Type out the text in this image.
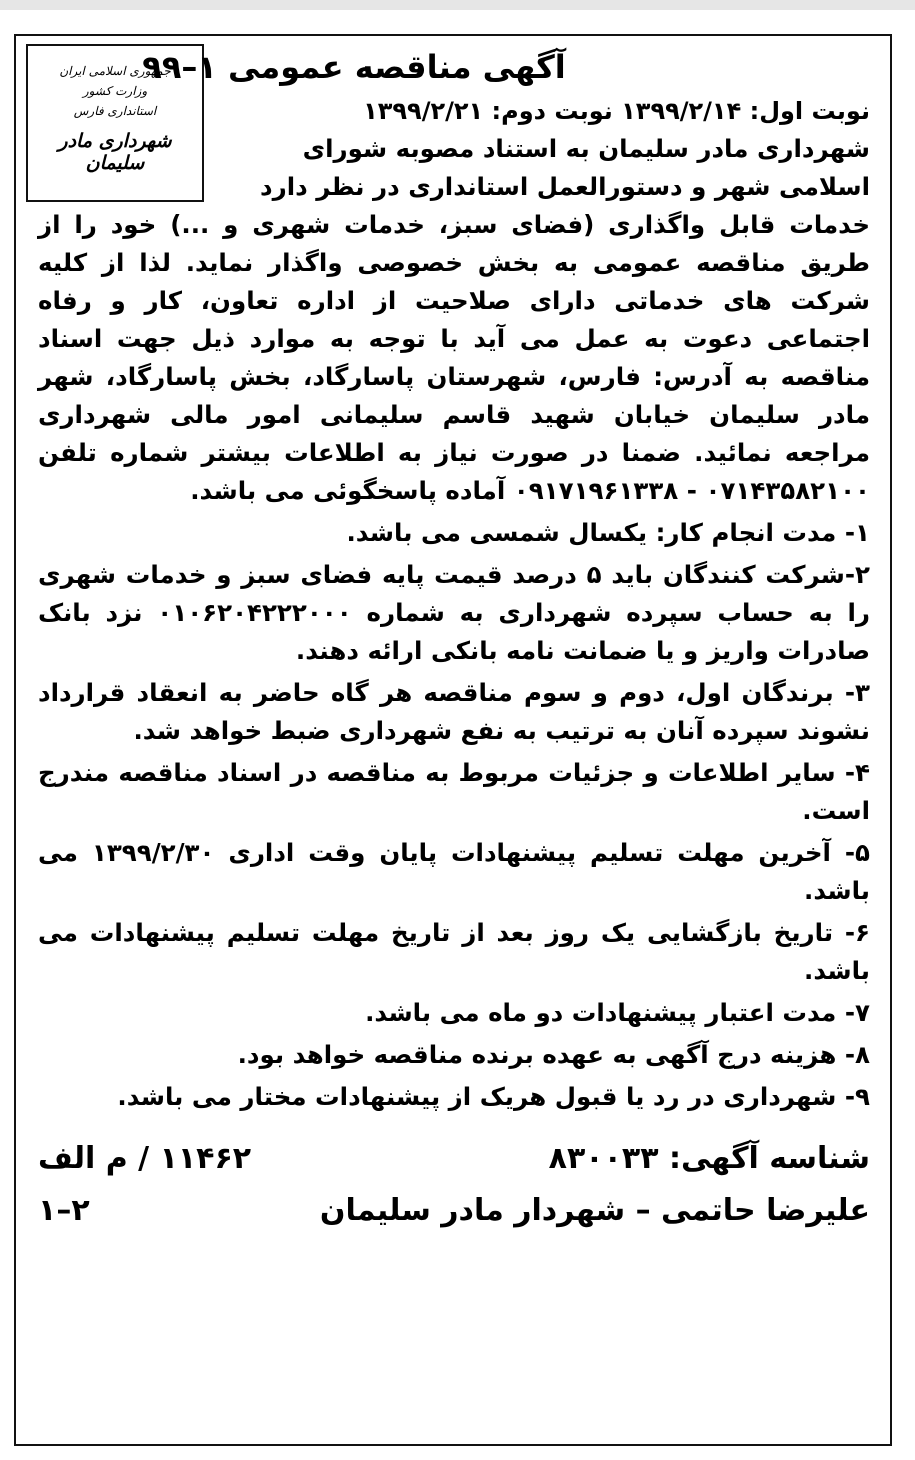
جمهوری اسلامی ایران
وزارت کشور
استانداری فارس
شهرداری مادر سلیمان
آگهی مناقصه عمومی ۱–۹۹
نوبت اول: ۱۳۹۹/۲/۱۴ نوبت دوم: ۱۳۹۹/۲/۲۱
شهرداری مادر سلیمان به استناد مصوبه شورای
اسلامی شهر و دستورالعمل استانداری در نظر دارد
خدمات قابل واگذاری (فضای سبز، خدمات شهری و ...) خود را از طریق مناقصه عمومی به بخش خصوصی واگذار نماید. لذا از کلیه شرکت های خدماتی دارای صلاحیت از اداره تعاون، کار و رفاه اجتماعی دعوت به عمل می آید با توجه به موارد ذیل جهت اسناد مناقصه به آدرس: فارس، شهرستان پاسارگاد، بخش پاسارگاد، شهر مادر سلیمان خیابان شهید قاسم سلیمانی امور مالی شهرداری مراجعه نمائید. ضمنا در صورت نیاز به اطلاعات بیشتر شماره تلفن ۰۷۱۴۳۵۸۲۱۰۰ - ۰۹۱۷۱۹۶۱۳۳۸ آماده پاسخگوئی می باشد.
۱- مدت انجام کار: یکسال شمسی می باشد.
۲-شرکت کنندگان باید ۵ درصد قیمت پایه فضای سبز و خدمات شهری را به حساب سپرده شهرداری به شماره ۰۱۰۶۲۰۴۲۲۲۰۰۰ نزد بانک صادرات واریز و یا ضمانت نامه بانکی ارائه دهند.
۳- برندگان اول، دوم و سوم مناقصه هر گاه حاضر به انعقاد قرارداد نشوند سپرده آنان به ترتیب به نفع شهرداری ضبط خواهد شد.
۴- سایر اطلاعات و جزئیات مربوط به مناقصه در اسناد مناقصه مندرج است.
۵- آخرین مهلت تسلیم پیشنهادات پایان وقت اداری ۱۳۹۹/۲/۳۰ می باشد.
۶- تاریخ بازگشایی یک روز بعد از تاریخ مهلت تسلیم پیشنهادات می باشد.
۷- مدت اعتبار پیشنهادات دو ماه می باشد.
۸- هزینه درج آگهی به عهده برنده مناقصه خواهد بود.
۹- شهرداری در رد یا قبول هریک از پیشنهادات مختار می باشد.
شناسه آگهی: ۸۳۰۰۳۳
۱۱۴۶۲ / م الف
علیرضا حاتمی – شهردار مادر سلیمان
۲–۱
